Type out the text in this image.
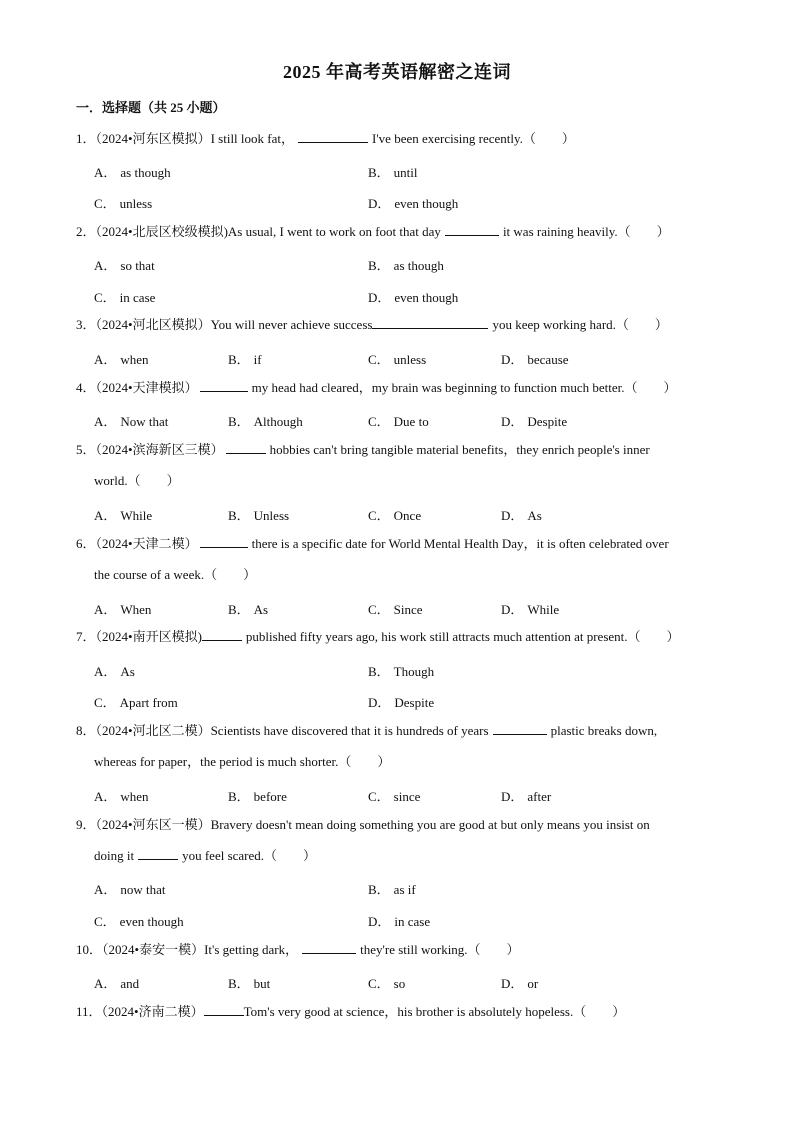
2025 年高考英语解密之连词
一．选择题（共 25 小题）
1．（2024•河东区模拟）I still look fat，	I've been exercising recently.（　　）
A． as though	B． until
C． unless	D． even though
2．（2024•北辰区校级模拟)As usual, I went to work on foot that day	it was raining heavily.（　　）
A． so that	B． as though
C． in case	D． even though
3．（2024•河北区模拟）You will never achieve success	you keep working hard.（　　）
A． when	B． if	C． unless	D． because
4．（2024•天津模拟）	my head had cleared，my brain was beginning to function much better.（　　）
A． Now that	B． Although	C． Due to	D． Despite
5．（2024•滨海新区三模）	hobbies can't bring tangible material benefits，they enrich people's inner
world.（　　）
A． While	B． Unless	C． Once	D． As
6．（2024•天津二模）	there is a specific date for World Mental Health Day，it is often celebrated over
the course of a week.（　　）
A． When	B． As	C． Since	D． While
7．（2024•南开区模拟)	published fifty years ago, his work still attracts much attention at present.（　　）
A． As	B． Though
C． Apart from	D． Despite
8．（2024•河北区二模）Scientists have discovered that it is hundreds of years	plastic breaks down,
whereas for paper，the period is much shorter.（　　）
A． when	B． before	C． since	D． after
9．（2024•河东区一模）Bravery doesn't mean doing something you are good at but only means you insist on
doing it	you feel scared.（　　）
A． now that	B． as if
C． even though	D． in case
10．（2024•泰安一模）It's getting dark，	they're still working.（　　）
A． and	B． but	C． so	D． or
11．（2024•济南二模）	Tom's very good at science，his brother is absolutely hopeless.（　　）
